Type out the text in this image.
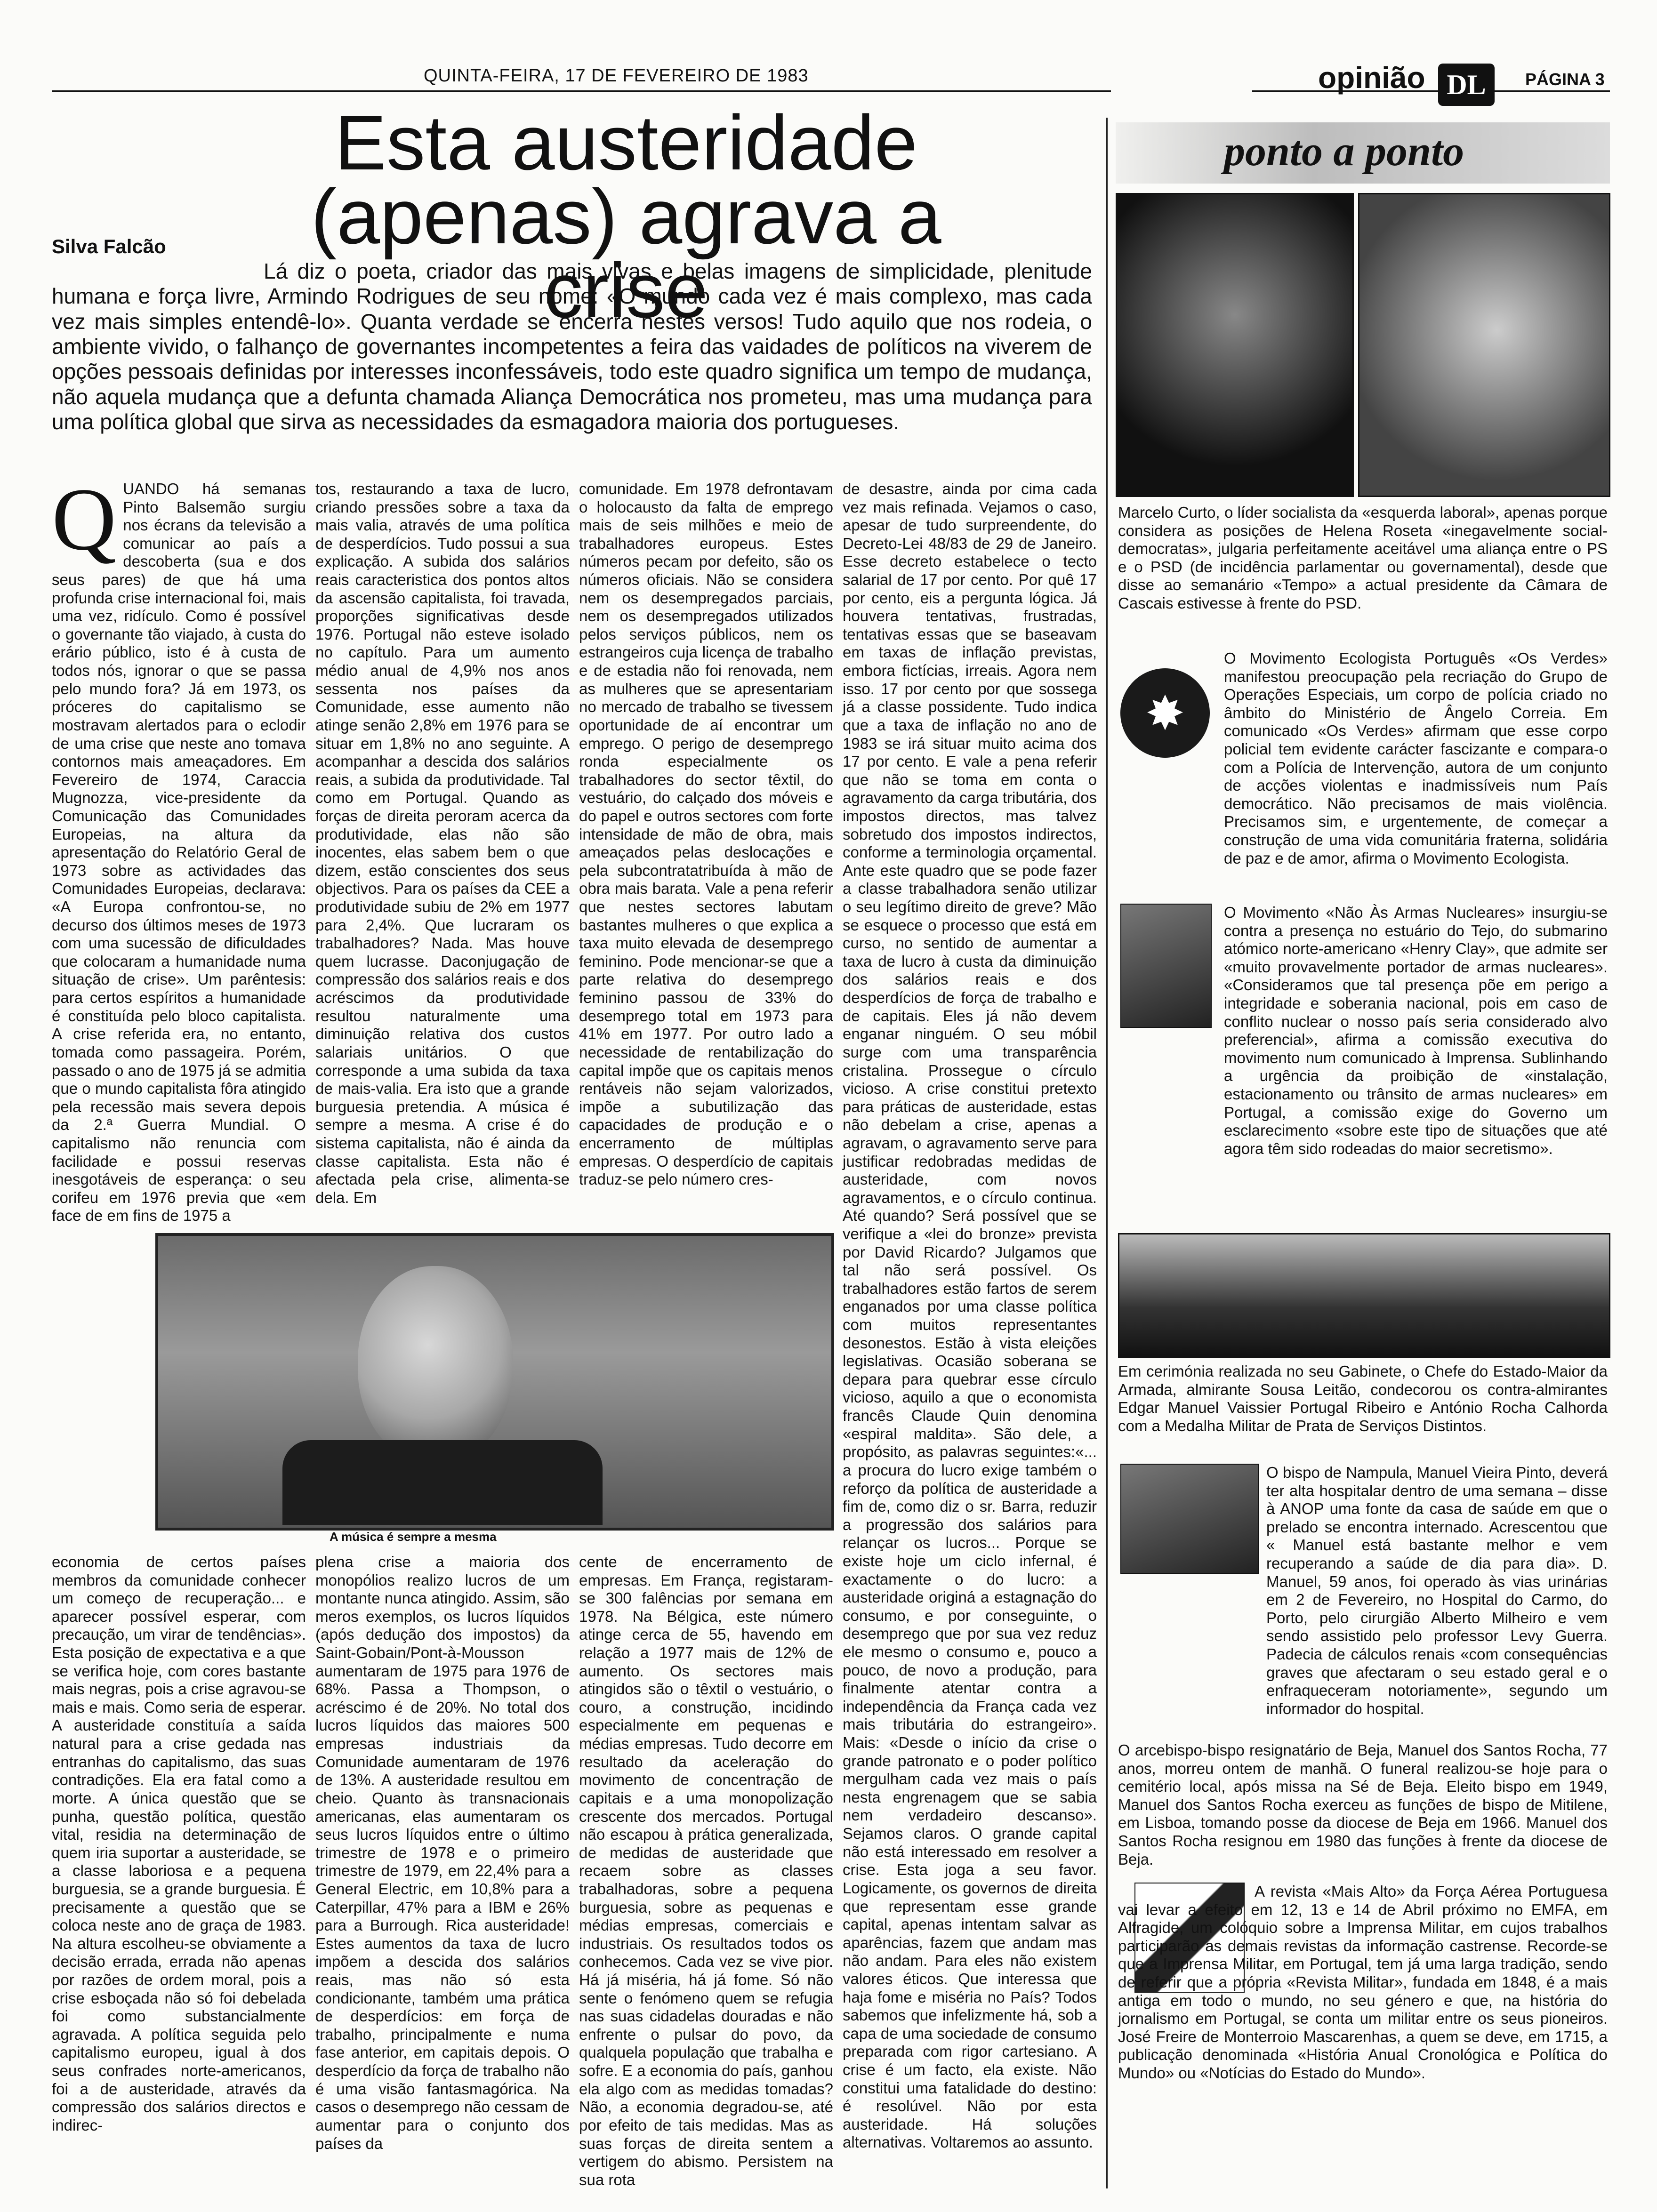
QUINTA-FEIRA, 17 DE FEVEREIRO DE 1983	opinião DL	PÁGINA 3
Esta austeridade
(apenas) agrava a crise
Silva Falcão
Lá diz o poeta, criador das mais vivas e belas imagens de simplicidade, plenitude humana e força livre, Armindo Rodrigues de seu nome: «O mundo cada vez é mais complexo, mas cada vez mais simples entendê-lo». Quanta verdade se encerra nestes versos! Tudo aquilo que nos rodeia, o ambiente vivido, o falhanço de governantes incompetentes a feira das vaidades de políticos na viverem de opções pessoais definidas por interesses inconfessáveis, todo este quadro significa um tempo de mudança, não aquela mudança que a defunta chamada Aliança Democrática nos prometeu, mas uma mudança para uma política global que sirva as necessidades da esmagadora maioria dos portugueses.
QUANDO há semanas Pinto Balsemão surgiu nos écrans da televisão a comunicar ao país a descoberta (sua e dos seus pares) de que há uma profunda crise internacional foi, mais uma vez, ridículo. Como é possível o governante tão viajado, à custa do erário público, isto é à custa de todos nós, ignorar o que se passa pelo mundo fora? Já em 1973, os próceres do capitalismo se mostravam alertados para o eclodir de uma crise que neste ano tomava contornos mais ameaçadores. Em Fevereiro de 1974, Caraccia Mugnozza, vice-presidente da Comunicação das Comunidades Europeias, na altura da apresentação do Relatório Geral de 1973 sobre as actividades das Comunidades Europeias, declarava: «A Europa confrontou-se, no decurso dos últimos meses de 1973 com uma sucessão de dificuldades que colocaram a humanidade numa situação de crise». Um parêntesis: para certos espíritos a humanidade é constituída pelo bloco capitalista. A crise referida era, no entanto, tomada como passageira. Porém, passado o ano de 1975 já se admitia que o mundo capitalista fôra atingido pela recessão mais severa depois da 2.ª Guerra Mundial. O capitalismo não renuncia com facilidade e possui reservas inesgotáveis de esperança: o seu corifeu em 1976 previa que «em face de em fins de 1975 a
tos, restaurando a taxa de lucro, criando pressões sobre a taxa da mais valia, através de uma política de desperdícios. Tudo possui a sua explicação. A subida dos salários reais caracteristica dos pontos altos da ascensão capitalista, foi travada, proporções significativas desde 1976. Portugal não esteve isolado no capítulo. Para um aumento médio anual de 4,9% nos anos sessenta nos países da Comunidade, esse aumento não atinge senão 2,8% em 1976 para se situar em 1,8% no ano seguinte. A acompanhar a descida dos salários reais, a subida da produtividade. Tal como em Portugal. Quando as forças de direita peroram acerca da produtividade, elas não são inocentes, elas sabem bem o que dizem, estão conscientes dos seus objectivos. Para os países da CEE a produtividade subiu de 2% em 1977 para 2,4%. Que lucraram os trabalhadores? Nada. Mas houve quem lucrasse. Daconjugação de compressão dos salários reais e dos acréscimos da produtividade resultou naturalmente uma diminuição relativa dos custos salariais unitários. O que corresponde a uma subida da taxa de mais-valia. Era isto que a grande burguesia pretendia. A música é sempre a mesma. A crise é do sistema capitalista, não é ainda da classe capitalista. Esta não é afectada pela crise, alimenta-se dela. Em
comunidade. Em 1978 defrontavam o holocausto da falta de emprego mais de seis milhões e meio de trabalhadores europeus. Estes números pecam por defeito, são os números oficiais. Não se considera nem os desempregados parciais, nem os desempregados utilizados pelos serviços públicos, nem os estrangeiros cuja licença de trabalho e de estadia não foi renovada, nem as mulheres que se apresentariam no mercado de trabalho se tivessem oportunidade de aí encontrar um emprego. O perigo de desemprego ronda especialmente os trabalhadores do sector têxtil, do vestuário, do calçado dos móveis e do papel e outros sectores com forte intensidade de mão de obra, mais ameaçados pelas deslocações e pela subcontratatribuída à mão de obra mais barata. Vale a pena referir que nestes sectores labutam bastantes mulheres o que explica a taxa muito elevada de desemprego feminino. Pode mencionar-se que a parte relativa do desemprego feminino passou de 33% do desemprego total em 1973 para 41% em 1977. Por outro lado a necessidade de rentabilização do capital impõe que os capitais menos rentáveis não sejam valorizados, impõe a subutilização das capacidades de produção e o encerramento de múltiplas empresas. O desperdício de capitais traduz-se pelo número cres-
de desastre, ainda por cima cada vez mais refinada. Vejamos o caso, apesar de tudo surpreendente, do Decreto-Lei 48/83 de 29 de Janeiro. Esse decreto estabelece o tecto salarial de 17 por cento. Por quê 17 por cento, eis a pergunta lógica. Já houvera tentativas, frustradas, tentativas essas que se baseavam em taxas de inflação previstas, embora fictícias, irreais. Agora nem isso. 17 por cento por que sossega já a classe possidente. Tudo indica que a taxa de inflação no ano de 1983 se irá situar muito acima dos 17 por cento. E vale a pena referir que não se toma em conta o agravamento da carga tributária, dos impostos directos, mas talvez sobretudo dos impostos indirectos, conforme a terminologia orçamental. Ante este quadro que se pode fazer a classe trabalhadora senão utilizar o seu legítimo direito de greve? Mão se esquece o processo que está em curso, no sentido de aumentar a taxa de lucro à custa da diminuição dos salários reais e dos desperdícios de força de trabalho e de capitais. Eles já não devem enganar ninguém. O seu móbil surge com uma transparência cristalina. Prossegue o círculo vicioso. A crise constitui pretexto para práticas de austeridade, estas não debelam a crise, apenas a agravam, o agravamento serve para justificar redobradas medidas de austeridade, com novos agravamentos, e o círculo continua. Até quando? Será possível que se verifique a «lei do bronze» prevista por David Ricardo? Julgamos que tal não será possível. Os trabalhadores estão fartos de serem enganados por uma classe política com muitos representantes desonestos. Estão à vista eleições legislativas. Ocasião soberana se depara para quebrar esse círculo vicioso, aquilo a que o economista francês Claude Quin denomina «espiral maldita». São dele, a propósito, as palavras seguintes:«... a procura do lucro exige também o reforço da política de austeridade a fim de, como diz o sr. Barra, reduzir a progressão dos salários para relançar os lucros... Porque se existe hoje um ciclo infernal, é exactamente o do lucro: a austeridade originá a estagnação do consumo, e por conseguinte, o desemprego que por sua vez reduz ele mesmo o consumo e, pouco a pouco, de novo a produção, para finalmente atentar contra a independência da França cada vez mais tributária do estrangeiro». Mais: «Desde o início da crise o grande patronato e o poder político mergulham cada vez mais o país nesta engrenagem que se sabia nem verdadeiro descanso». Sejamos claros. O grande capital não está interessado em resolver a crise. Esta joga a seu favor. Logicamente, os governos de direita que representam esse grande capital, apenas intentam salvar as aparências, fazem que andam mas não andam. Para eles não existem valores éticos. Que interessa que haja fome e miséria no País? Todos sabemos que infelizmente há, sob a capa de uma sociedade de consumo preparada com rigor cartesiano. A crise é um facto, ela existe. Não constitui uma fatalidade do destino: é resolúvel. Não por esta austeridade. Há soluções alternativas. Voltaremos ao assunto.
A música é sempre a mesma
economia de certos países membros da comunidade conhecer um começo de recuperação... e aparecer possível esperar, com precaução, um virar de tendências». Esta posição de expectativa e a que se verifica hoje, com cores bastante mais negras, pois a crise agravou-se mais e mais. Como seria de esperar. A austeridade constituía a saída natural para a crise gedada nas entranhas do capitalismo, das suas contradições. Ela era fatal como a morte. A única questão que se punha, questão política, questão vital, residia na determinação de quem iria suportar a austeridade, se a classe laboriosa e a pequena burguesia, se a grande burguesia. É precisamente a questão que se coloca neste ano de graça de 1983. Na altura escolheu-se obviamente a decisão errada, errada não apenas por razões de ordem moral, pois a crise esboçada não só foi debelada foi como substancialmente agravada. A política seguida pelo capitalismo europeu, igual à dos seus confrades norte-americanos, foi a de austeridade, através da compressão dos salários directos e indirec-
plena crise a maioria dos monopólios realizo lucros de um montante nunca atingido. Assim, são meros exemplos, os lucros líquidos (após dedução dos impostos) da Saint-Gobain/Pont-à-Mousson aumentaram de 1975 para 1976 de 68%. Passa a Thompson, o acréscimo é de 20%. No total dos lucros líquidos das maiores 500 empresas industriais da Comunidade aumentaram de 1976 de 13%. A austeridade resultou em cheio. Quanto às transnacionais americanas, elas aumentaram os seus lucros líquidos entre o último trimestre de 1978 e o primeiro trimestre de 1979, em 22,4% para a General Electric, em 10,8% para a Caterpillar, 47% para a IBM e 26% para a Burrough. Rica austeridade! Estes aumentos da taxa de lucro impõem a descida dos salários reais, mas não só esta condicionante, também uma prática de desperdícios: em força de trabalho, principalmente e numa fase anterior, em capitais depois. O desperdício da força de trabalho não é uma visão fantasmagórica. Na casos o desemprego não cessam de aumentar para o conjunto dos países da
cente de encerramento de empresas. Em França, registaram-se 300 falências por semana em 1978. Na Bélgica, este número atinge cerca de 55, havendo em relação a 1977 mais de 12% de aumento. Os sectores mais atingidos são o têxtil o vestuário, o couro, a construção, incidindo especialmente em pequenas e médias empresas. Tudo decorre em resultado da aceleração do movimento de concentração de capitais e a uma monopolização crescente dos mercados. Portugal não escapou à prática generalizada, de medidas de austeridade que recaem sobre as classes trabalhadoras, sobre a pequena burguesia, sobre as pequenas e médias empresas, comerciais e industriais. Os resultados todos os conhecemos. Cada vez se vive pior. Há já miséria, há já fome. Só não sente o fenómeno quem se refugia nas suas cidadelas douradas e não enfrente o pulsar do povo, da qualquela população que trabalha e sofre. E a economia do país, ganhou ela algo com as medidas tomadas? Não, a economia degradou-se, até por efeito de tais medidas. Mas as suas forças de direita sentem a vertigem do abismo. Persistem na sua rota
ponto a ponto
Marcelo Curto, o líder socialista da «esquerda laboral», apenas porque considera as posições de Helena Roseta «inegavelmente social-democratas», julgaria perfeitamente aceitável uma aliança entre o PS e o PSD (de incidência parlamentar ou governamental), desde que disse ao semanário «Tempo» a actual presidente da Câmara de Cascais estivesse à frente do PSD.
✸
O Movimento Ecologista Português «Os Verdes» manifestou preocupação pela recriação do Grupo de Operações Especiais, um corpo de polícia criado no âmbito do Ministério de Ângelo Correia. Em comunicado «Os Verdes» afirmam que esse corpo policial tem evidente carácter fascizante e compara-o com a Polícia de Intervenção, autora de um conjunto de acções violentas e inadmissíveis num País democrático. Não precisamos de mais violência. Precisamos sim, e urgentemente, de começar a construção de uma vida comunitária fraterna, solidária de paz e de amor, afirma o Movimento Ecologista.
O Movimento «Não Às Armas Nucleares» insurgiu-se contra a presença no estuário do Tejo, do submarino atómico norte-americano «Henry Clay», que admite ser «muito provavelmente portador de armas nucleares». «Consideramos que tal presença põe em perigo a integridade e soberania nacional, pois em caso de conflito nuclear o nosso país seria considerado alvo preferencial», afirma a comissão executiva do movimento num comunicado à Imprensa. Sublinhando a urgência da proibição de «instalação, estacionamento ou trânsito de armas nucleares» em Portugal, a comissão exige do Governo um esclarecimento «sobre este tipo de situações que até agora têm sido rodeadas do maior secretismo».
Em cerimónia realizada no seu Gabinete, o Chefe do Estado-Maior da Armada, almirante Sousa Leitão, condecorou os contra-almirantes Edgar Manuel Vaissier Portugal Ribeiro e António Rocha Calhorda com a Medalha Militar de Prata de Serviços Distintos.
O bispo de Nampula, Manuel Vieira Pinto, deverá ter alta hospitalar dentro de uma semana – disse à ANOP uma fonte da casa de saúde em que o prelado se encontra internado. Acrescentou que « Manuel está bastante melhor e vem recuperando a saúde de dia para dia». D. Manuel, 59 anos, foi operado às vias urinárias em 2 de Fevereiro, no Hospital do Carmo, do Porto, pelo cirurgião Alberto Milheiro e vem sendo assistido pelo professor Levy Guerra. Padecia de cálculos renais «com consequências graves que afectaram o seu estado geral e o enfraqueceram notoriamente», segundo um informador do hospital.
O arcebispo-bispo resignatário de Beja, Manuel dos Santos Rocha, 77 anos, morreu ontem de manhã. O funeral realizou-se hoje para o cemitério local, após missa na Sé de Beja. Eleito bispo em 1949, Manuel dos Santos Rocha exerceu as funções de bispo de Mitilene, em Lisboa, tomando posse da diocese de Beja em 1966. Manuel dos Santos Rocha resignou em 1980 das funções à frente da diocese de Beja.
A revista «Mais Alto» da Força Aérea Portuguesa vai levar a efeito em 12, 13 e 14 de Abril próximo no EMFA, em Alfragide, um colóquio sobre a Imprensa Militar, em cujos trabalhos participarão as demais revistas da informação castrense. Recorde-se que a Imprensa Militar, em Portugal, tem já uma larga tradição, sendo de referir que a própria «Revista Militar», fundada em 1848, é a mais antiga em todo o mundo, no seu género e que, na história do jornalismo em Portugal, se conta um militar entre os seus pioneiros. José Freire de Monterroio Mascarenhas, a quem se deve, em 1715, a publicação denominada «História Anual Cronológica e Política do Mundo» ou «Notícias do Estado do Mundo».
